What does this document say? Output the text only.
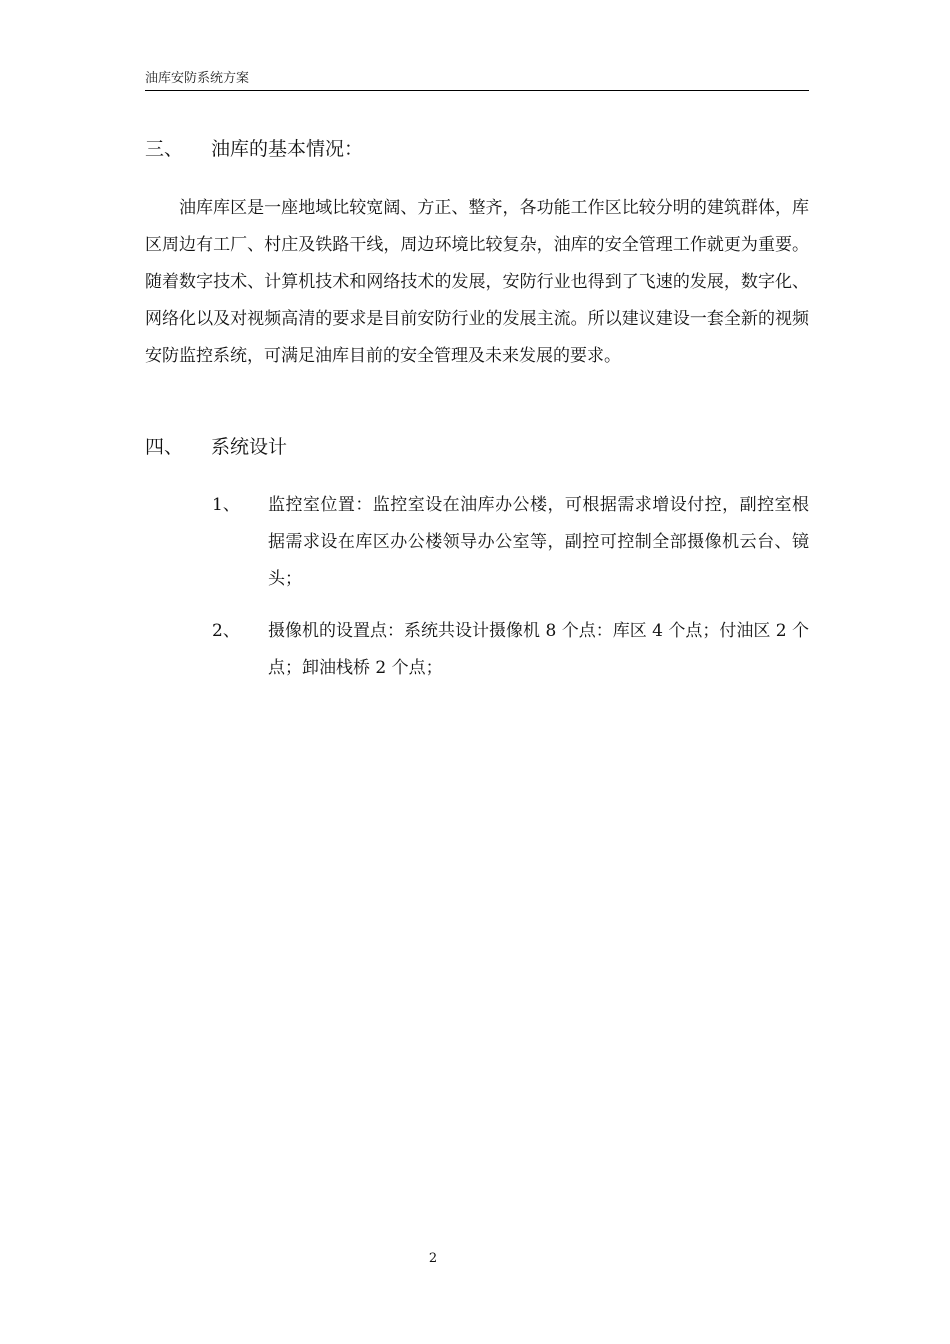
油库安防系统方案
三、 油库的基本情况：
油库库区是一座地域比较宽阔、方正、整齐，各功能工作区比较分明的建筑群体，库区周边有工厂、村庄及铁路干线，周边环境比较复杂，油库的安全管理工作就更为重要。随着数字技术、计算机技术和网络技术的发展，安防行业也得到了飞速的发展，数字化、网络化以及对视频高清的要求是目前安防行业的发展主流。所以建议建设一套全新的视频安防监控系统，可满足油库目前的安全管理及未来发展的要求。
四、 系统设计
1、 监控室位置：监控室设在油库办公楼，可根据需求增设付控，副控室根据需求设在库区办公楼领导办公室等，副控可控制全部摄像机云台、镜头；
2、 摄像机的设置点：系统共设计摄像机 8 个点：库区 4 个点；付油区 2 个点；卸油栈桥 2 个点；
2
